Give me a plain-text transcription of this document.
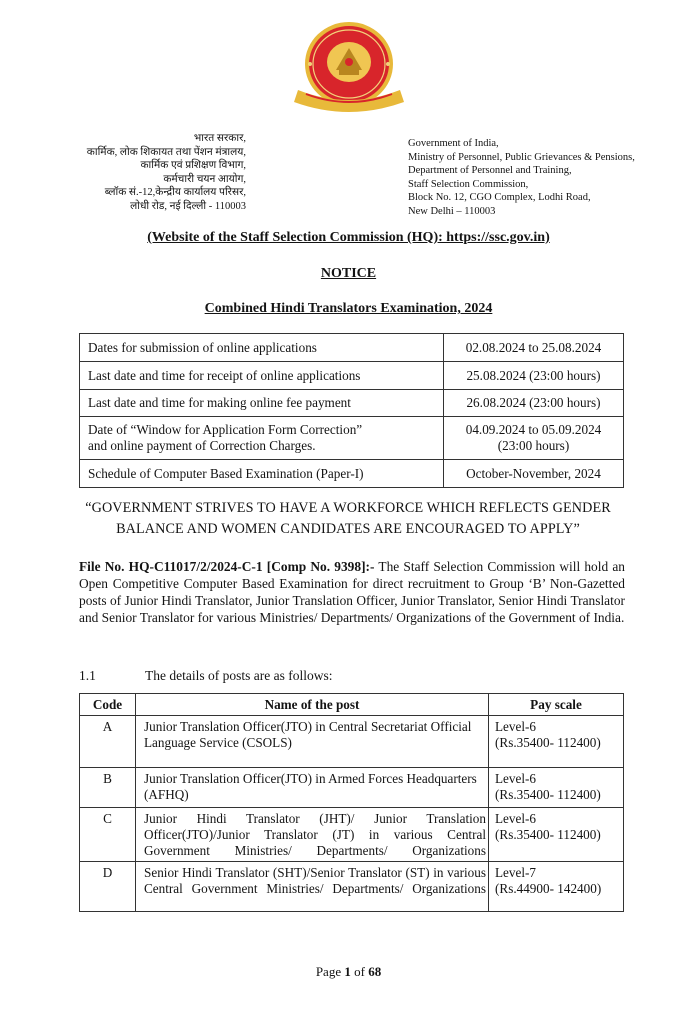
भारत सरकार,
कार्मिक, लोक शिकायत तथा पेंशन मंत्रालय,
कार्मिक एवं प्रशिक्षण विभाग,
कर्मचारी चयन आयोग,
ब्लॉक सं.-12,केन्द्रीय कार्यालय परिसर,
लोधी रोड, नई दिल्ली - 110003
Government of India,
Ministry of Personnel, Public Grievances & Pensions,
Department of Personnel and Training,
Staff Selection Commission,
Block No. 12, CGO Complex, Lodhi Road,
New Delhi – 110003
(Website of the Staff Selection Commission (HQ): https://ssc.gov.in)
NOTICE
Combined Hindi Translators Examination, 2024
Dates for submission of online applications	02.08.2024 to 25.08.2024
Last date and time for receipt of online applications	25.08.2024 (23:00 hours)
Last date and time for making online fee payment	26.08.2024 (23:00 hours)
Date of “Window for Application Form Correction”
and online payment of Correction Charges.	04.09.2024 to 05.09.2024
(23:00 hours)
Schedule of Computer Based Examination (Paper-I)	October-November, 2024
“GOVERNMENT STRIVES TO HAVE A WORKFORCE WHICH REFLECTS GENDER BALANCE AND WOMEN CANDIDATES ARE ENCOURAGED TO APPLY”
File No. HQ-C11017/2/2024-C-1 [Comp No. 9398]:- The Staff Selection Commission will hold an Open Competitive Computer Based Examination for direct recruitment to Group ‘B’ Non-Gazetted posts of Junior Hindi Translator, Junior Translation Officer, Junior Translator, Senior Hindi Translator and Senior Translator for various Ministries/ Departments/ Organizations of the Government of India.
1.1	The details of posts are as follows:
Code	Name of the post	Pay scale
A	Junior Translation Officer(JTO) in Central Secretariat Official Language Service (CSOLS)	Level-6
(Rs.35400- 112400)
B	Junior Translation Officer(JTO) in Armed Forces Headquarters (AFHQ)	Level-6
(Rs.35400- 112400)
C	Junior Hindi Translator (JHT)/ Junior Translation Officer(JTO)/Junior Translator (JT) in various Central Government Ministries/ Departments/ Organizations	Level-6
(Rs.35400- 112400)
D	Senior Hindi Translator (SHT)/Senior Translator (ST) in various Central Government Ministries/ Departments/ Organizations	Level-7
(Rs.44900- 142400)
Page 1 of 68
